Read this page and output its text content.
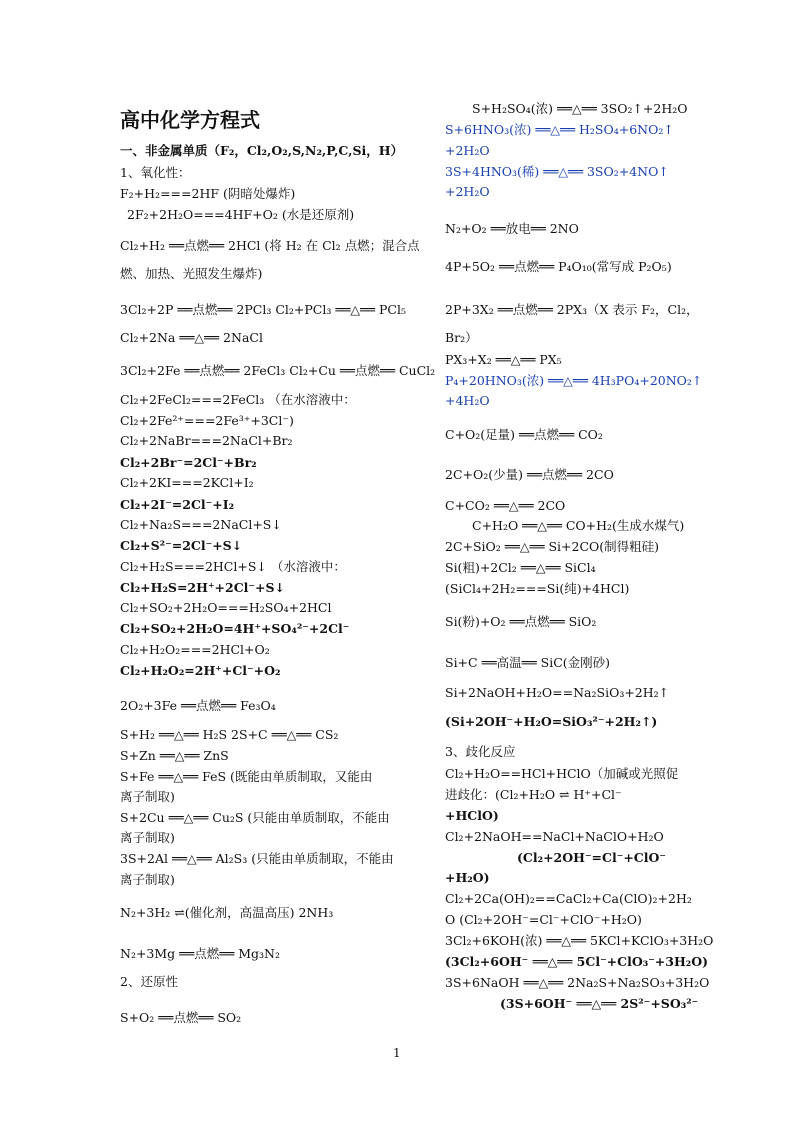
高中化学方程式
一、非金属单质（F₂，Cl₂,O₂,S,N₂,P,C,Si，H）
1、氧化性：
F₂+H₂===2HF (阴暗处爆炸)
2F₂+2H₂O===4HF+O₂ (水是还原剂)
Cl₂+H₂ ══点燃══ 2HCl (将 H₂ 在 Cl₂ 点燃；混合点
燃、加热、光照发生爆炸)
3Cl₂+2P ══点燃══ 2PCl₃ Cl₂+PCl₃ ══△══ PCl₅
Cl₂+2Na ══△══ 2NaCl
3Cl₂+2Fe ══点燃══ 2FeCl₃ Cl₂+Cu ══点燃══ CuCl₂
Cl₂+2FeCl₂===2FeCl₃ （在水溶液中：
Cl₂+2Fe²⁺===2Fe³⁺+3Cl⁻)
Cl₂+2NaBr===2NaCl+Br₂
Cl₂+2Br⁻=2Cl⁻+Br₂
Cl₂+2KI===2KCl+I₂
Cl₂+2I⁻=2Cl⁻+I₂
Cl₂+Na₂S===2NaCl+S↓
Cl₂+S²⁻=2Cl⁻+S↓
Cl₂+H₂S===2HCl+S↓ （水溶液中：
Cl₂+H₂S=2H⁺+2Cl⁻+S↓
Cl₂+SO₂+2H₂O===H₂SO₄+2HCl
Cl₂+SO₂+2H₂O=4H⁺+SO₄²⁻+2Cl⁻
Cl₂+H₂O₂===2HCl+O₂
Cl₂+H₂O₂=2H⁺+Cl⁻+O₂
2O₂+3Fe ══点燃══ Fe₃O₄
S+H₂ ══△══ H₂S 2S+C ══△══ CS₂
S+Zn ══△══ ZnS
S+Fe ══△══ FeS (既能由单质制取，又能由
离子制取)
S+2Cu ══△══ Cu₂S (只能由单质制取，不能由
离子制取)
3S+2Al ══△══ Al₂S₃ (只能由单质制取，不能由
离子制取)
N₂+3H₂ ⇌(催化剂，高温高压) 2NH₃
N₂+3Mg ══点燃══ Mg₃N₂
2、还原性
S+O₂ ══点燃══ SO₂
S+H₂SO₄(浓) ══△══ 3SO₂↑+2H₂O
S+6HNO₃(浓) ══△══ H₂SO₄+6NO₂↑
+2H₂O
3S+4HNO₃(稀) ══△══ 3SO₂+4NO↑
+2H₂O
N₂+O₂ ══放电══ 2NO
4P+5O₂ ══点燃══ P₄O₁₀(常写成 P₂O₅)
2P+3X₂ ══点燃══ 2PX₃（X 表示 F₂，Cl₂，
Br₂）
PX₃+X₂ ══△══ PX₅
P₄+20HNO₃(浓) ══△══ 4H₃PO₄+20NO₂↑
+4H₂O
C+O₂(足量) ══点燃══ CO₂
2C+O₂(少量) ══点燃══ 2CO
C+CO₂ ══△══ 2CO
C+H₂O ══△══ CO+H₂(生成水煤气)
2C+SiO₂ ══△══ Si+2CO(制得粗硅)
Si(粗)+2Cl₂ ══△══ SiCl₄
(SiCl₄+2H₂===Si(纯)+4HCl)
Si(粉)+O₂ ══点燃══ SiO₂
Si+C ══高温══ SiC(金刚砂)
Si+2NaOH+H₂O==Na₂SiO₃+2H₂↑
(Si+2OH⁻+H₂O=SiO₃²⁻+2H₂↑)
3、歧化反应
Cl₂+H₂O==HCl+HClO（加碱或光照促
进歧化：(Cl₂+H₂O ⇌ H⁺+Cl⁻
+HClO)
Cl₂+2NaOH==NaCl+NaClO+H₂O
(Cl₂+2OH⁻=Cl⁻+ClO⁻
+H₂O)
Cl₂+2Ca(OH)₂==CaCl₂+Ca(ClO)₂+2H₂
O (Cl₂+2OH⁻=Cl⁻+ClO⁻+H₂O)
3Cl₂+6KOH(浓) ══△══ 5KCl+KClO₃+3H₂O
(3Cl₂+6OH⁻ ══△══ 5Cl⁻+ClO₃⁻+3H₂O)
3S+6NaOH ══△══ 2Na₂S+Na₂SO₃+3H₂O
(3S+6OH⁻ ══△══ 2S²⁻+SO₃²⁻
1
